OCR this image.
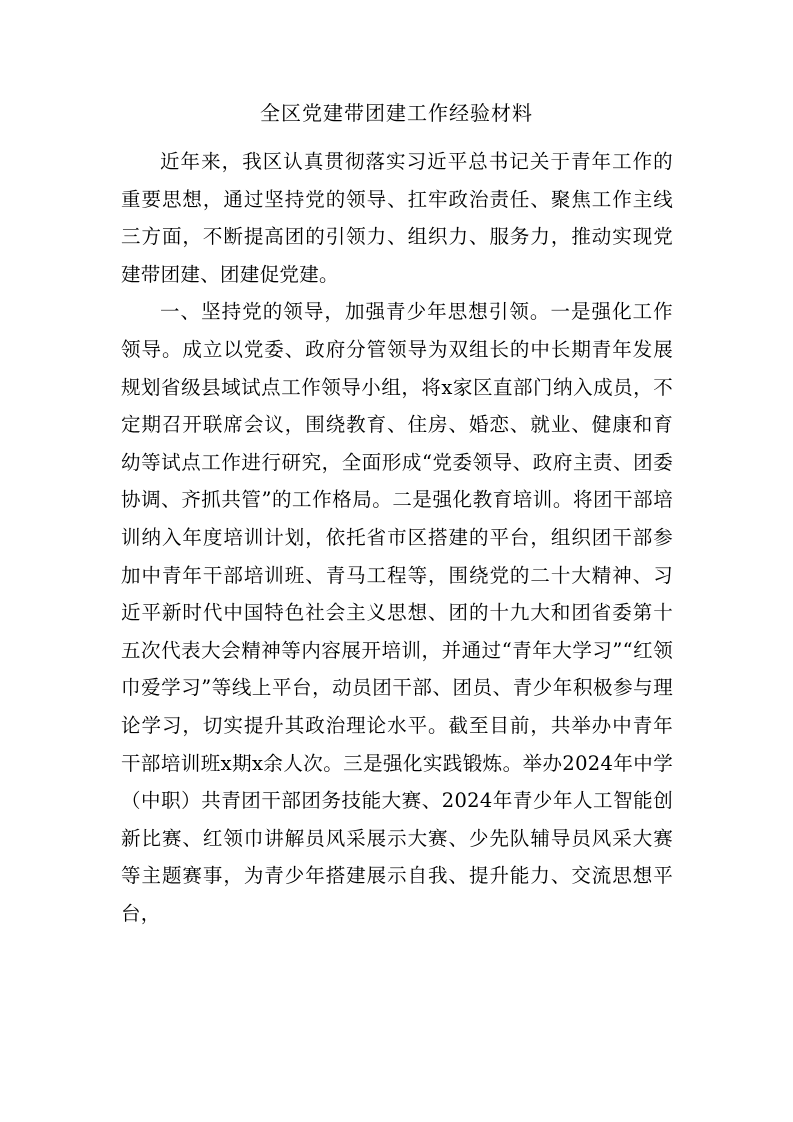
全区党建带团建工作经验材料

近年来，我区认真贯彻落实习近平总书记关于青年工作的重要思想，通过坚持党的领导、扛牢政治责任、聚焦工作主线三方面，不断提高团的引领力、组织力、服务力，推动实现党建带团建、团建促党建。

一、坚持党的领导，加强青少年思想引领。一是强化工作领导。成立以党委、政府分管领导为双组长的中长期青年发展规划省级县域试点工作领导小组，将x家区直部门纳入成员，不定期召开联席会议，围绕教育、住房、婚恋、就业、健康和育幼等试点工作进行研究，全面形成“党委领导、政府主责、团委协调、齐抓共管”的工作格局。二是强化教育培训。将团干部培训纳入年度培训计划，依托省市区搭建的平台，组织团干部参加中青年干部培训班、青马工程等，围绕党的二十大精神、习近平新时代中国特色社会主义思想、团的十九大和团省委第十五次代表大会精神等内容展开培训，并通过“青年大学习”“红领巾爱学习”等线上平台，动员团干部、团员、青少年积极参与理论学习，切实提升其政治理论水平。截至目前，共举办中青年干部培训班x期x余人次。三是强化实践锻炼。举办2024年中学（中职）共青团干部团务技能大赛、2024年青少年人工智能创新比赛、红领巾讲解员风采展示大赛、少先队辅导员风采大赛等主题赛事，为青少年搭建展示自我、提升能力、交流思想平台，
